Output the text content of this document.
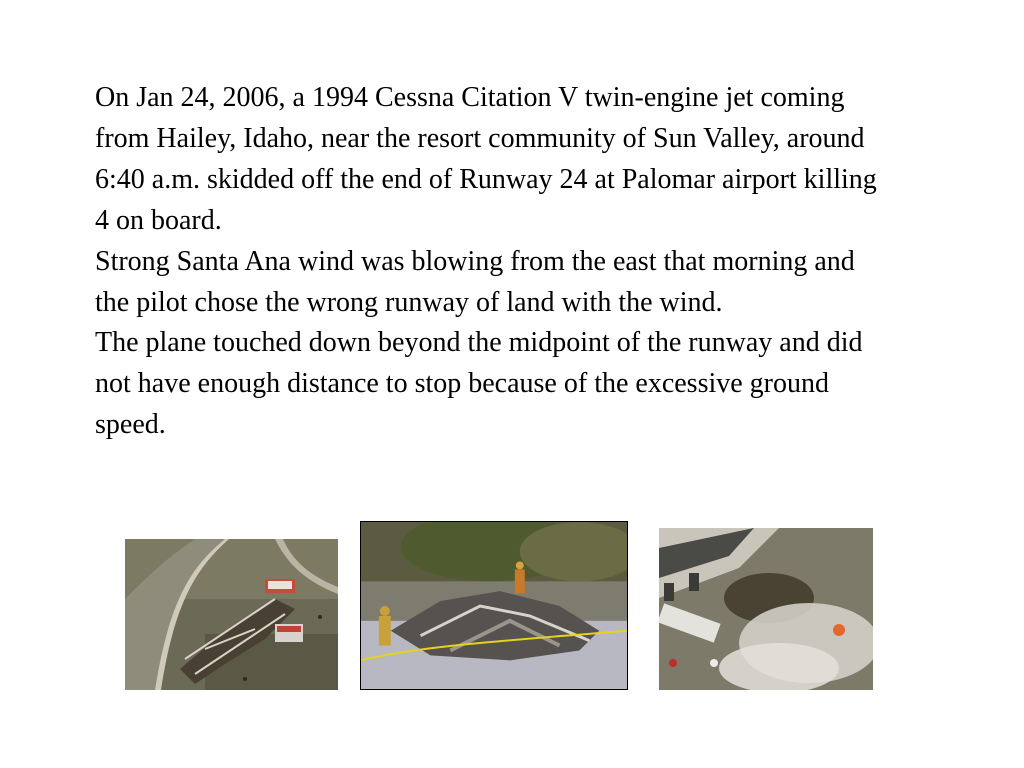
On Jan 24, 2006, a 1994 Cessna Citation V twin-engine jet coming from Hailey, Idaho, near the resort community of Sun Valley, around 6:40 a.m. skidded off the end of Runway 24 at Palomar airport killing 4 on board.

Strong Santa Ana wind was blowing from the east that morning and the pilot chose the wrong runway of land with the wind.

The plane touched down beyond the midpoint of the runway and did not have enough distance to stop because of the excessive ground speed.
